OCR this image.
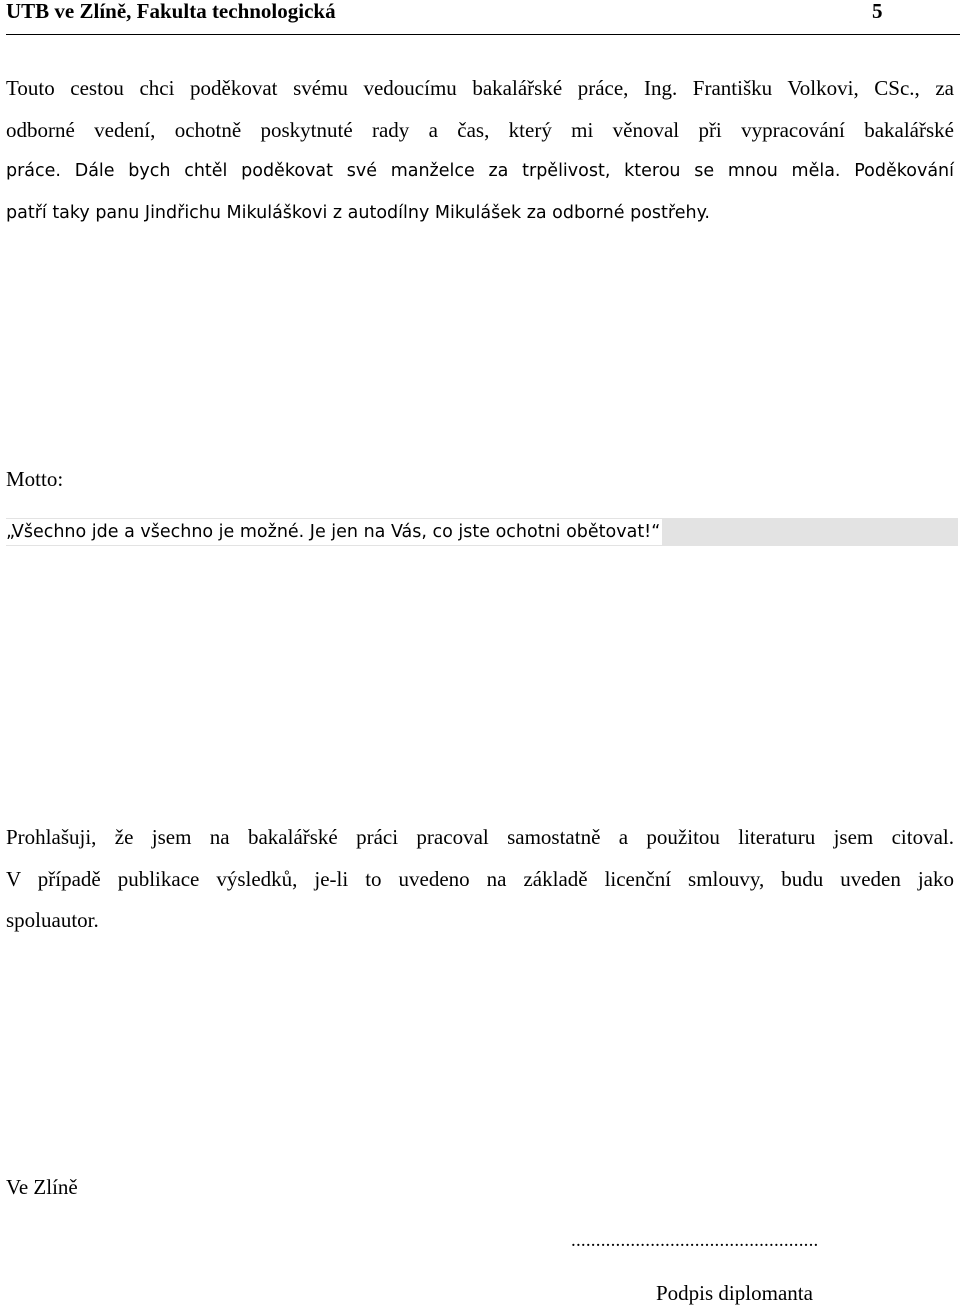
UTB ve Zlíně, Fakulta technologická	5
Touto cestou chci poděkovat svému vedoucímu bakalářské práce, Ing. Františku Volkovi, CSc., za
odborné vedení, ochotně poskytnuté rady a čas, který mi věnoval při vypracování bakalářské
práce. Dále bych chtěl poděkovat své manželce za trpělivost, kterou se mnou měla. Poděkování
patří taky panu Jindřichu Mikuláškovi z autodílny Mikulášek za odborné postřehy.
Motto:
„Všechno jde a všechno je možné. Je jen na Vás, co jste ochotni obětovat!“
Prohlašuji, že jsem na bakalářské práci pracoval samostatně a použitou literaturu jsem citoval.
V případě publikace výsledků, je-li to uvedeno na základě licenční smlouvy, budu uveden jako
spoluautor.
Ve Zlíně
..................................................
Podpis diplomanta
